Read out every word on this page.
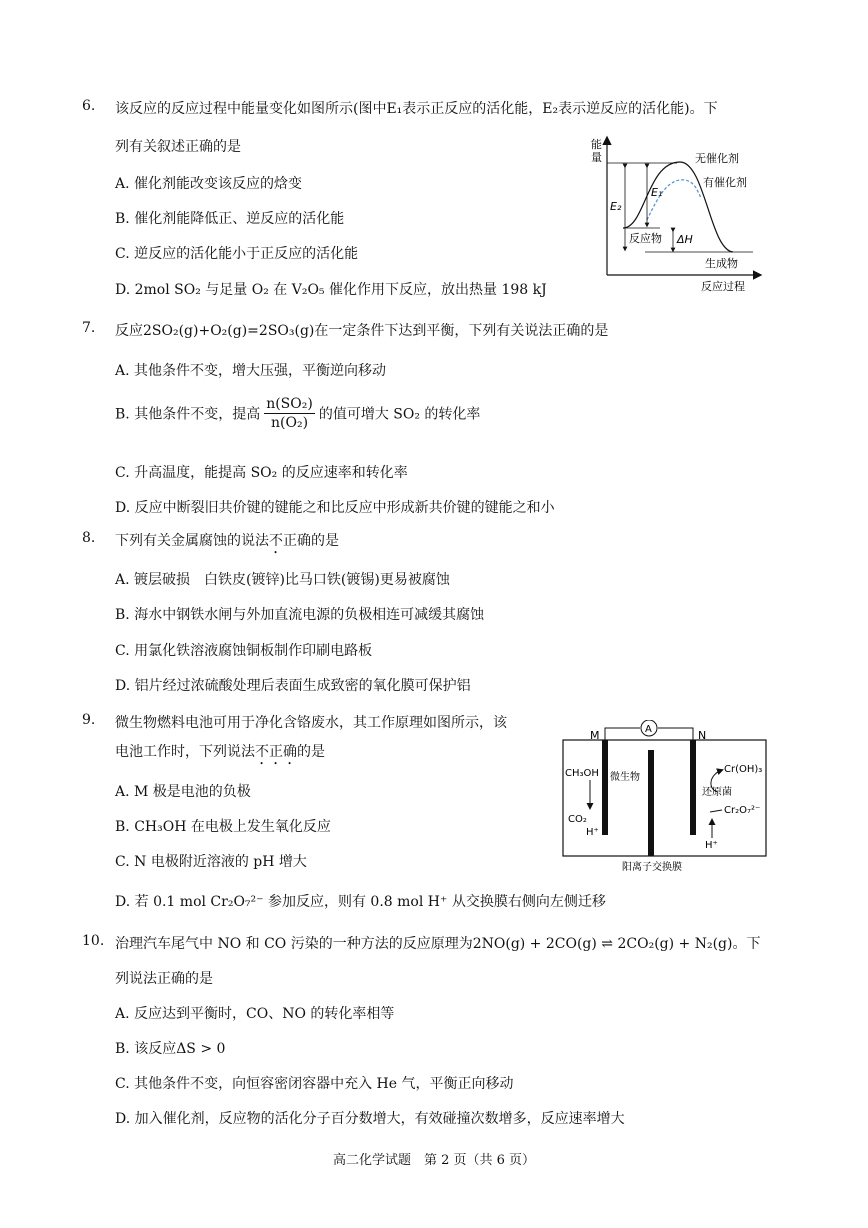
6. 该反应的反应过程中能量变化如图所示(图中E₁表示正反应的活化能，E₂表示逆反应的活化能)。下
列有关叙述正确的是
A. 催化剂能改变该反应的焓变
B. 催化剂能降低正、逆反应的活化能
C. 逆反应的活化能小于正反应的活化能
D. 2mol SO₂ 与足量 O₂ 在 V₂O₅ 催化作用下反应，放出热量 198 kJ
能
量	无催化剂
有催化剂
E₁
E₂
反应物 ΔH
生成物
反应过程
7. 反应2SO₂(g)+O₂(g)=2SO₃(g)在一定条件下达到平衡，下列有关说法正确的是
A. 其他条件不变，增大压强，平衡逆向移动
B. 其他条件不变，提高 $\frac{\text{n(SO₂)}}{\text{n(O₂)}}$ 的值可增大 SO₂ 的转化率
C. 升高温度，能提高 SO₂ 的反应速率和转化率
D. 反应中断裂旧共价键的键能之和比反应中形成新共价键的键能之和小
8. 下列有关金属腐蚀的说法不正确的是
A. 镀层破损　白铁皮(镀锌)比马口铁(镀锡)更易被腐蚀
B. 海水中钢铁水闸与外加直流电源的负极相连可减缓其腐蚀
C. 用氯化铁溶液腐蚀铜板制作印刷电路板
D. 铝片经过浓硫酸处理后表面生成致密的氧化膜可保护铝
9. 微生物燃料电池可用于净化含铬废水，其工作原理如图所示，该
电池工作时，下列说法不正确的是
A. M 极是电池的负极
B. CH₃OH 在电极上发生氧化反应
C. N 电极附近溶液的 pH 增大
D. 若 0.1 mol Cr₂O₇²⁻ 参加反应，则有 0.8 mol H⁺ 从交换膜右侧向左侧迁移
A
M	N
CH₃OH 微生物
CO₂
H⁺
Cr(OH)₃
还原菌
Cr₂O₇²⁻
H⁺
阳离子交换膜
10. 治理汽车尾气中 NO 和 CO 污染的一种方法的反应原理为2NO(g) + 2CO(g) ⇌ 2CO₂(g) + N₂(g)。下
列说法正确的是
A. 反应达到平衡时，CO、NO 的转化率相等
B. 该反应ΔS > 0
C. 其他条件不变，向恒容密闭容器中充入 He 气，平衡正向移动
D. 加入催化剂，反应物的活化分子百分数增大，有效碰撞次数增多，反应速率增大
高二化学试题　第 2 页（共 6 页）
